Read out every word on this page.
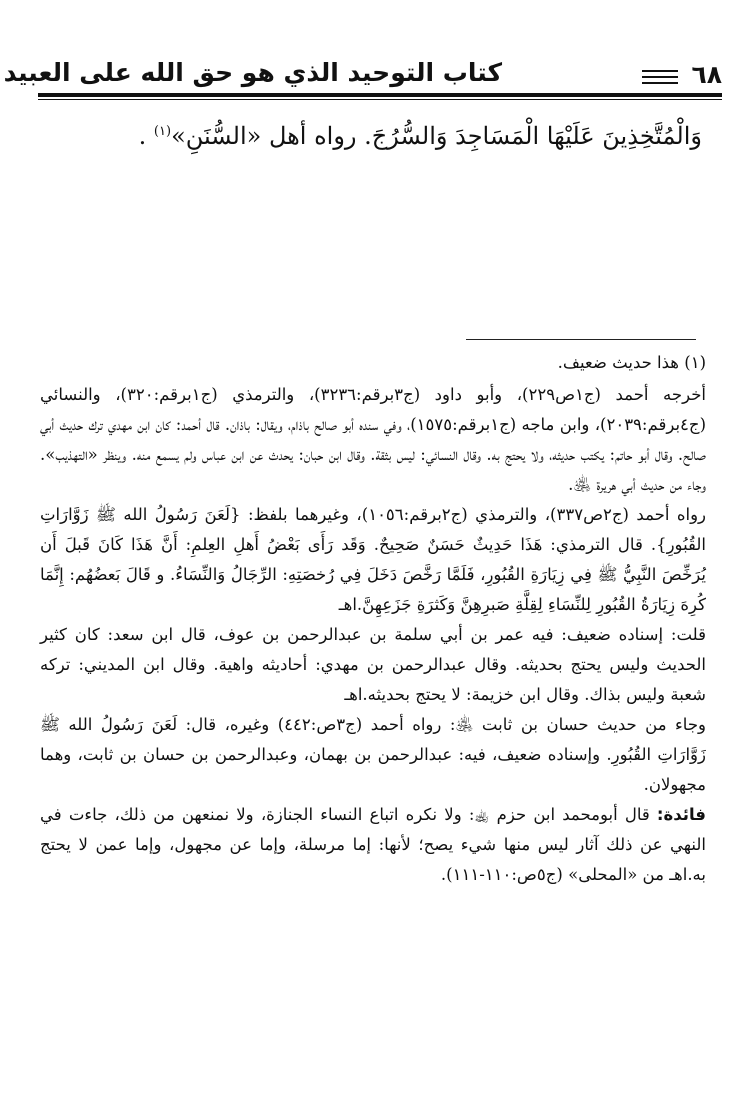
كتاب التوحيد الذي هو حق الله على العبيد	٦٨
وَالْمُتَّخِذِينَ عَلَيْهَا الْمَسَاجِدَ وَالسُّرُجَ. رواه أهل «السُّنَنِ»$^{(١)}$ .

(١) هذا حديث ضعيف.

أخرجه أحمد (ج١ص٢٢٩)، وأبو داود (ج٣برقم:٣٢٣٦)، والترمذي (ج١برقم:٣٢٠)، والنسائي (ج٤برقم:٢٠٣٩)، وابن ماجه (ج١برقم:١٥٧٥)، وفي سنده أبو صالح باذام، ويقال: باذان. قال أحمد: كان ابن مهدي ترك حديث أبي صالح. وقال أبو حاتم: يكتب حديثه، ولا يحتج به. وقال النسائي: ليس بثقة. وقال ابن حبان: يحدث عن ابن عباس ولم يسمع منه. وينظر «التهذيب». وجاء من حديث أبي هريرة ﵁.

رواه أحمد (ج٢ص٣٣٧)، والترمذي (ج٢برقم:١٠٥٦)، وغيرهما بلفظ: {لَعَنَ رَسُولُ الله ﷺ زَوَّارَاتِ القُبُورِ}. قال الترمذي: هَذَا حَدِيثٌ حَسَنٌ صَحِيحٌ. وَقَد رَأَى بَعْضُ أَهلِ العِلمِ: أَنَّ هَذَا كَانَ قَبلَ أَن يُرَخِّصَ النَّبِيُّ ﷺ فِي زِيَارَةِ القُبُورِ، فَلَمَّا رَخَّصَ دَخَلَ فِي رُخصَتِهِ: الرِّجَالُ وَالنِّسَاءُ. و قَالَ بَعضُهُم: إِنَّمَا كُرِهَ زِيَارَةُ القُبُورِ لِلنِّسَاءِ لِقِلَّةِ صَبرِهِنَّ وَكَثرَةِ جَزَعِهِنَّ.اهـ

قلت: إسناده ضعيف: فيه عمر بن أبي سلمة بن عبدالرحمن بن عوف، قال ابن سعد: كان كثير الحديث وليس يحتج بحديثه. وقال عبدالرحمن بن مهدي: أحاديثه واهية. وقال ابن المديني: تركه شعبة وليس بذاك. وقال ابن خزيمة: لا يحتج بحديثه.اهـ

وجاء من حديث حسان بن ثابت ﵁: رواه أحمد (ج٣ص:٤٤٢) وغيره، قال: لَعَنَ رَسُولُ الله ﷺ زَوَّارَاتِ القُبُورِ. وإسناده ضعيف، فيه: عبدالرحمن بن بهمان، وعبدالرحمن بن حسان بن ثابت، وهما مجهولان.

فائدة: قال أبومحمد ابن حزم ﵀: ولا نكره اتباع النساء الجنازة، ولا نمنعهن من ذلك، جاءت في النهي عن ذلك آثار ليس منها شيء يصح؛ لأنها: إما مرسلة، وإما عن مجهول، وإما عمن لا يحتج به.اهـ من «المحلى» (ج٥ص:١١٠-١١١).
